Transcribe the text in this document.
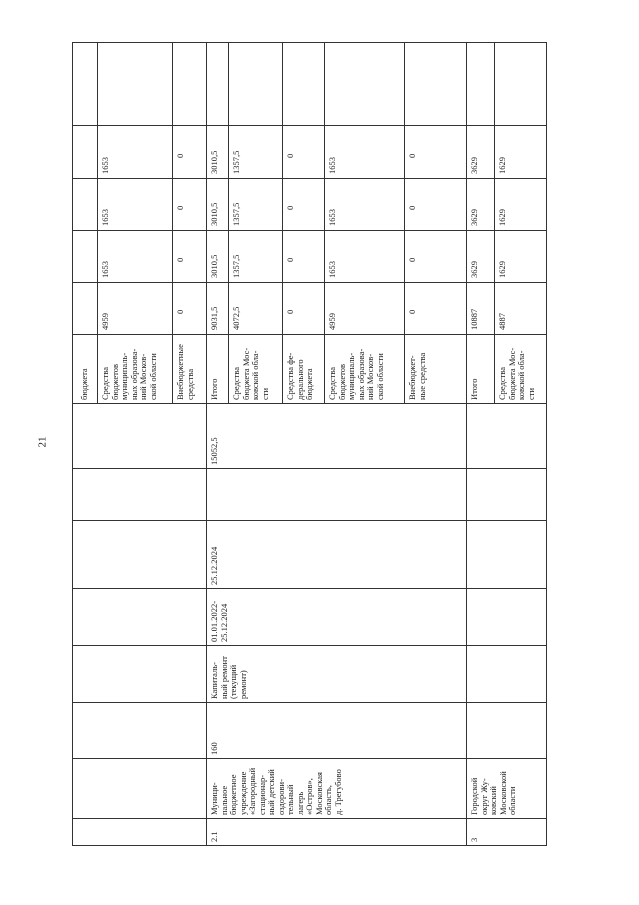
21
бюджета Средства
бюджетов
муниципаль-
ных образова-
ний Москов-
ской области
4959
1653
1653
1653
Внебюджетные
средства
0
0
0
0
2.1
Муници-
пальное
бюджетное
учреждение
«Загородный
стационар-
ный детский
оздорови-
тельный
лагерь
«Остров»,
Московская
область,
д. Трегубово
160
Капиталь-
ный ремонт
(текущий
ремонт)
01.01.2022-
25.12.2024
25.12.2024
15052,5
Итого
9031,5
3010,5
3010,5
3010,5
Средства
бюджета Мос-
ковской обла-
сти
4072,5
1357,5
1357,5
1357,5
Средства фе-
дерального
бюджета
0
0
0
0
Средства
бюджетов
муниципаль-
ных образова-
ний Москов-
ской области
4959
1653
1653
1653
Внебюджет-
ные средства
0
0
0
0
3
Городской
округ Жу-
ковский
Московской
области
Итого
10887
3629
3629
3629
Средства
бюджета Мос-
ковской обла-
сти
4887
1629
1629
1629
